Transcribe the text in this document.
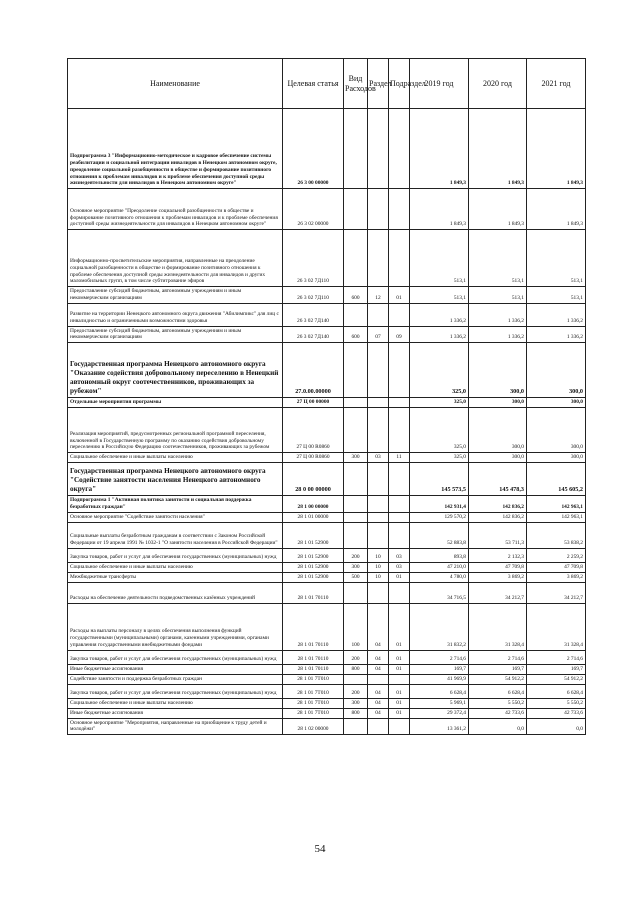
Наименование	Целевая статья	Вид Расходов	Раздел	Подраздел	2019 год	2020 год	2021 год
Подпрограмма 3 "Информационно-методическое и кадровое обеспечение системы реабилитации и социальной интеграции инвалидов в Ненецком автономном округе, преодоление социальной разобщенности в обществе и формирование позитивного отношения к проблемам инвалидов и к проблеме обеспечения доступной среды жизнедеятельности для инвалидов в Ненецком автономном округе"	26 3 00 00000				1 849,3	1 849,3	1 849,3
Основное мероприятие "Преодоление социальной разобщенности в обществе и формирование позитивного отношения к проблемам инвалидов и к проблеме обеспечения доступной среды жизнедеятельности для инвалидов в Ненецком автономном округе"	26 3 02 00000				1 849,3	1 849,3	1 849,3
Информационно-просветительские мероприятия, направленные на преодоление социальной разобщенности в обществе и формирование позитивного отношения к проблеме обеспечения доступной среды жизнедеятельности для инвалидов и других маломобильных групп, в том числе субтитрование эфиров	26 3 02 7Д110				513,1	513,1	513,1
Предоставление субсидий бюджетным, автономным учреждениям и иным некоммерческим организациям	26 3 02 7Д110	600	12	01	513,1	513,1	513,1
Развитие на территории Ненецкого автономного округа движения "Абилимпикс" для лиц с инвалидностью и ограниченными возможностями здоровья	26 3 02 7Д140				1 336,2	1 336,2	1 336,2
Предоставление субсидий бюджетным, автономным учреждениям и иным некоммерческим организациям	26 3 02 7Д140	600	07	09	1 336,2	1 336,2	1 336,2
Государственная программа Ненецкого автономного округа "Оказание содействия добровольному переселению в Ненецкий автономный округ соотечественников, проживающих за рубежом"	27.0.00.00000				325,0	300,0	300,0
Отдельные мероприятия программы	27 Ц 00 00000				325,0	300,0	300,0
Реализация мероприятий, предусмотренных региональной программой переселения, включенной в Государственную программу по оказанию содействия добровольному переселению в Российскую Федерацию соотечественников, проживающих за рубежом	27 Ц 00 R0860				325,0	300,0	300,0
Социальное обеспечение и иные выплаты населению	27 Ц 00 R0860	300	03	11	325,0	300,0	300,0
Государственная программа Ненецкого автономного округа "Содействие занятости населения Ненецкого автономного округа"	28 0 00 00000				145 573,5	145 478,3	145 605,2
Подпрограмма 1 "Активная политика занятости и социальная поддержка безработных граждан"	28 1 00 00000				142 931,4	142 836,2	142 963,1
Основное мероприятие "Содействие занятости населения"	28 1 01 00000				129 570,2	142 836,2	142 963,1
Социальные выплаты безработным гражданам в соответствии с Законом Российской Федерации от 19 апреля 1991 № 1032-1 "О занятости населения в Российской Федерации"	28 1 01 52900				52 883,8	53 711,3	53 838,2
Закупка товаров, работ и услуг для обеспечения государственных (муниципальных) нужд	28 1 01 52900	200	10	03	893,8	2 132,3	2 259,2
Социальное обеспечение и иные выплаты населению	28 1 01 52900	300	10	03	47 210,0	47 709,8	47 709,8
Межбюджетные трансферты	28 1 01 52900	500	10	01	4 780,0	3 869,2	3 869,2
Расходы на обеспечение деятельности подведомственных казённых учреждений	28 1 01 70110				34 716,5	34 212,7	34 212,7
Расходы на выплаты персоналу в целях обеспечения выполнения функций государственными (муниципальными) органами, казенными учреждениями, органами управления государственными внебюджетными фондами	28 1 01 70110	100	04	01	31 832,2	31 328,4	31 328,4
Закупка товаров, работ и услуг для обеспечения государственных (муниципальных) нужд	28 1 01 70110	200	04	01	2 714,6	2 714,6	2 714,6
Иные бюджетные ассигнования	28 1 01 70110	800	04	01	169,7	169,7	169,7
Содействие занятости и поддержка безработных граждан	28 1 01 7Т010				41 969,9	54 912,2	54 912,2
Закупка товаров, работ и услуг для обеспечения государственных (муниципальных) нужд	28 1 01 7Т010	200	04	01	6 628,4	6 628,4	6 628,4
Социальное обеспечение и иные выплаты населению	28 1 01 7Т010	300	04	01	5 969,1	5 550,2	5 550,2
Иные бюджетные ассигнования	28 1 01 7Т010	800	04	01	29 372,4	42 733,6	42 733,6
Основное мероприятие "Мероприятия, направленные на приобщение к труду детей и молодёжи"	28 1 02 00000				13 361,2	0,0	0,0
54
